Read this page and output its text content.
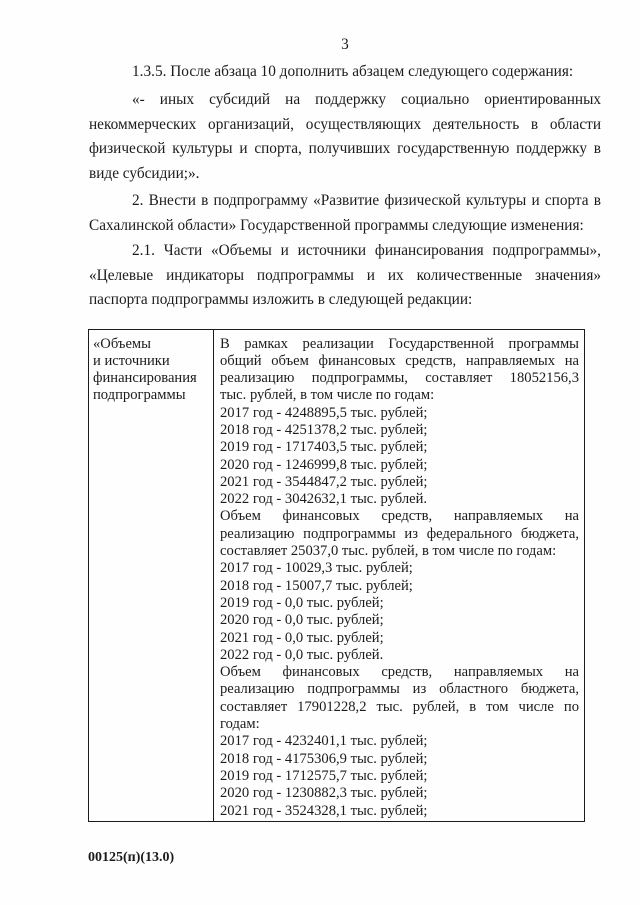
3
1.3.5. После абзаца 10 дополнить абзацем следующего содержания:
«- иных субсидий на поддержку социально ориентированных
некоммерческих организаций, осуществляющих деятельность в области
физической культуры и спорта, получивших государственную поддержку в
виде субсидии;».
2. Внести в подпрограмму «Развитие физической культуры и спорта в
Сахалинской области» Государственной программы следующие изменения:
2.1. Части «Объемы и источники финансирования подпрограммы»,
«Целевые индикаторы подпрограммы и их количественные значения»
паспорта подпрограммы изложить в следующей редакции:
«Объемы
и источники
финансирования
подпрограммы
В рамках реализации Государственной программы
общий объем финансовых средств, направляемых на
реализацию подпрограммы, составляет 18052156,3
тыс. рублей, в том числе по годам:
2017 год - 4248895,5 тыс. рублей;
2018 год - 4251378,2 тыс. рублей;
2019 год - 1717403,5 тыс. рублей;
2020 год - 1246999,8 тыс. рублей;
2021 год - 3544847,2 тыс. рублей;
2022 год - 3042632,1 тыс. рублей.
Объем финансовых средств, направляемых на
реализацию подпрограммы из федерального бюджета,
составляет 25037,0 тыс. рублей, в том числе по годам:
2017 год - 10029,3 тыс. рублей;
2018 год - 15007,7 тыс. рублей;
2019 год - 0,0 тыс. рублей;
2020 год - 0,0 тыс. рублей;
2021 год - 0,0 тыс. рублей;
2022 год - 0,0 тыс. рублей.
Объем финансовых средств, направляемых на
реализацию подпрограммы из областного бюджета,
составляет 17901228,2 тыс. рублей, в том числе по
годам:
2017 год - 4232401,1 тыс. рублей;
2018 год - 4175306,9 тыс. рублей;
2019 год - 1712575,7 тыс. рублей;
2020 год - 1230882,3 тыс. рублей;
2021 год - 3524328,1 тыс. рублей;
00125(п)(13.0)
